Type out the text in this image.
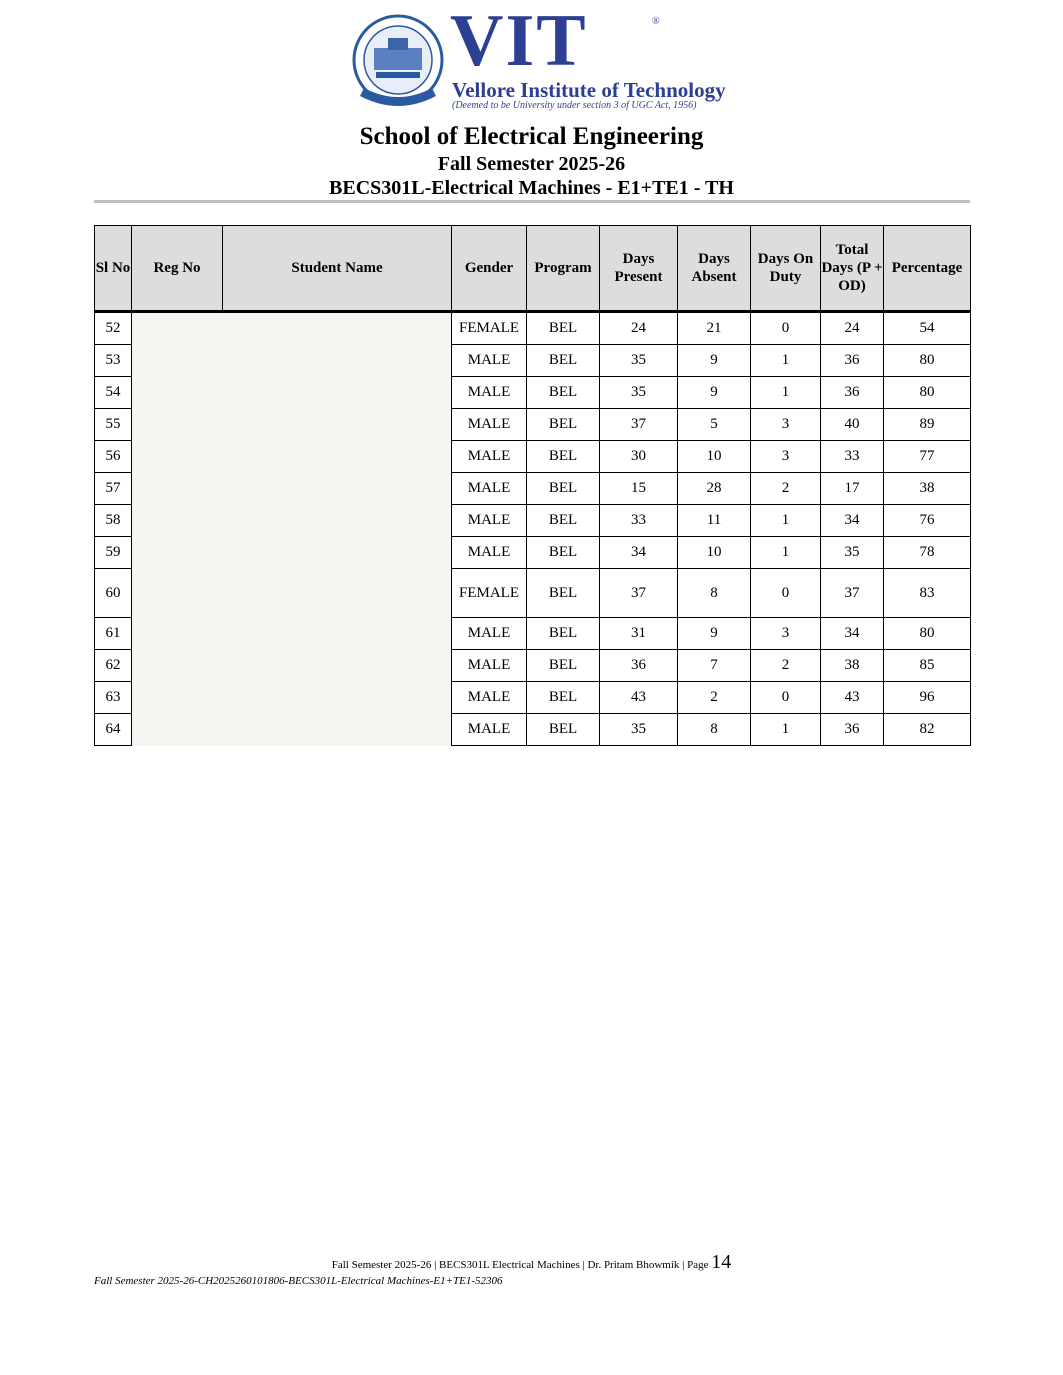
VIT	®
Vellore Institute of Technology
(Deemed to be University under section 3 of UGC Act, 1956)
School of Electrical Engineering
Fall Semester 2025-26
BECS301L-Electrical Machines - E1+TE1 - TH
Sl No	Reg No	Student Name	Gender	Program	Days Present	Days Absent	Days On Duty	Total Days (P + OD)	Percentage
52			FEMALE	BEL	24	21	0	24	54
53			MALE	BEL	35	9	1	36	80
54			MALE	BEL	35	9	1	36	80
55			MALE	BEL	37	5	3	40	89
56			MALE	BEL	30	10	3	33	77
57			MALE	BEL	15	28	2	17	38
58			MALE	BEL	33	11	1	34	76
59			MALE	BEL	34	10	1	35	78
60			FEMALE	BEL	37	8	0	37	83
61			MALE	BEL	31	9	3	34	80
62			MALE	BEL	36	7	2	38	85
63			MALE	BEL	43	2	0	43	96
64			MALE	BEL	35	8	1	36	82
Fall Semester 2025-26 | BECS301L Electrical Machines | Dr. Pritam Bhowmik | Page 14
Fall Semester 2025-26-CH2025260101806-BECS301L-Electrical Machines-E1+TE1-52306
